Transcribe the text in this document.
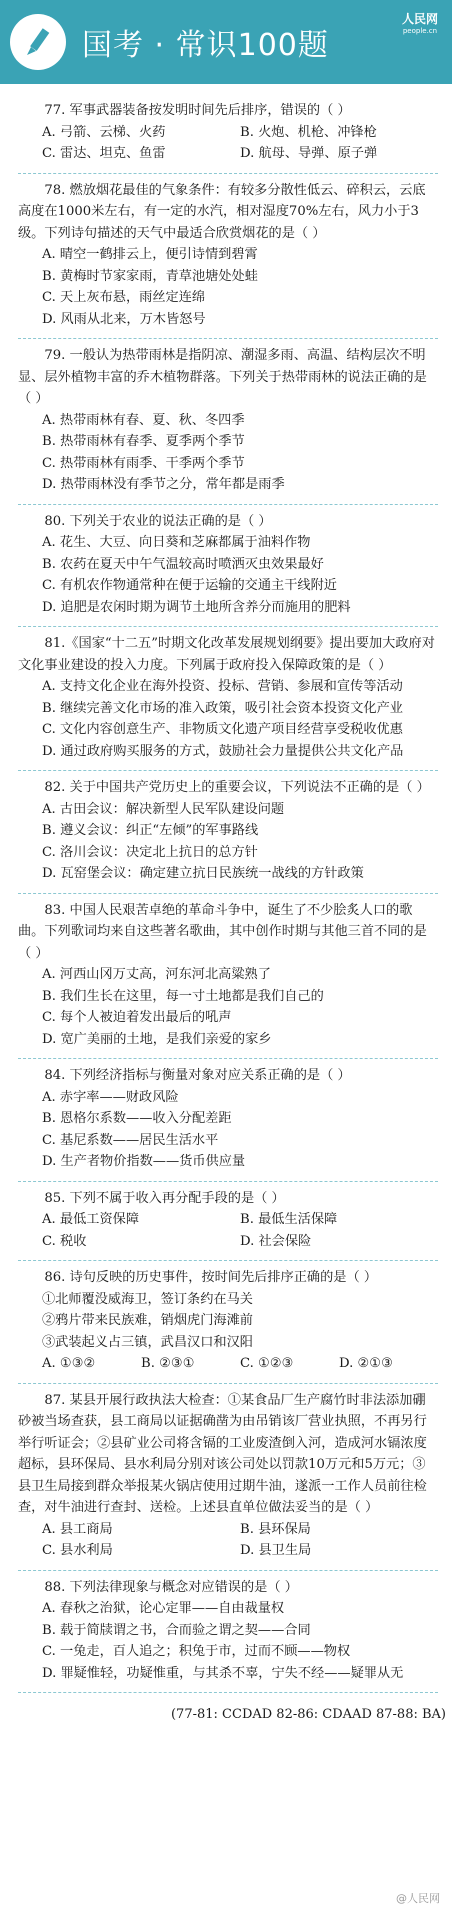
国考 · 常识100题
人民网
people.cn

77. 军事武器装备按发明时间先后排序，错误的（ ）

A. 弓箭、云梯、火药	B. 火炮、机枪、冲锋枪
C. 雷达、坦克、鱼雷	D. 航母、导弹、原子弹

78. 燃放烟花最佳的气象条件：有较多分散性低云、碎积云，云底高度在1000米左右，有一定的水汽，相对湿度70%左右，风力小于3级。下列诗句描述的天气中最适合欣赏烟花的是（ ）

A. 晴空一鹤排云上，便引诗情到碧霄

B. 黄梅时节家家雨，青草池塘处处蛙

C. 天上灰布悬，雨丝定连绵

D. 风雨从北来，万木皆怒号

79. 一般认为热带雨林是指阴凉、潮湿多雨、高温、结构层次不明显、层外植物丰富的乔木植物群落。下列关于热带雨林的说法正确的是（ ）

A. 热带雨林有春、夏、秋、冬四季

B. 热带雨林有春季、夏季两个季节

C. 热带雨林有雨季、干季两个季节

D. 热带雨林没有季节之分，常年都是雨季

80. 下列关于农业的说法正确的是（ ）

A. 花生、大豆、向日葵和芝麻都属于油料作物

B. 农药在夏天中午气温较高时喷洒灭虫效果最好

C. 有机农作物通常种在便于运输的交通主干线附近

D. 追肥是农闲时期为调节土地所含养分而施用的肥料

81.《国家“十二五”时期文化改革发展规划纲要》提出要加大政府对文化事业建设的投入力度。下列属于政府投入保障政策的是（ ）

A. 支持文化企业在海外投资、投标、营销、参展和宣传等活动

B. 继续完善文化市场的准入政策，吸引社会资本投资文化产业

C. 文化内容创意生产、非物质文化遗产项目经营享受税收优惠

D. 通过政府购买服务的方式，鼓励社会力量提供公共文化产品

82. 关于中国共产党历史上的重要会议，下列说法不正确的是（ ）

A. 古田会议：解决新型人民军队建设问题

B. 遵义会议：纠正“左倾”的军事路线

C. 洛川会议：决定北上抗日的总方针

D. 瓦窑堡会议：确定建立抗日民族统一战线的方针政策

83. 中国人民艰苦卓绝的革命斗争中，诞生了不少脍炙人口的歌曲。下列歌词均来自这些著名歌曲，其中创作时期与其他三首不同的是（ ）

A. 河西山冈万丈高，河东河北高粱熟了

B. 我们生长在这里，每一寸土地都是我们自己的

C. 每个人被迫着发出最后的吼声

D. 宽广美丽的土地，是我们亲爱的家乡

84. 下列经济指标与衡量对象对应关系正确的是（ ）

A. 赤字率——财政风险

B. 恩格尔系数——收入分配差距

C. 基尼系数——居民生活水平

D. 生产者物价指数——货币供应量

85. 下列不属于收入再分配手段的是（ ）

A. 最低工资保障	B. 最低生活保障
C. 税收	D. 社会保险

86. 诗句反映的历史事件，按时间先后排序正确的是（ ）

①北师覆没威海卫，签订条约在马关

②鸦片带来民族难，销烟虎门海滩前

③武装起义占三镇，武昌汉口和汉阳

A. ①③②	B. ②③①	C. ①②③	D. ②①③

87. 某县开展行政执法大检查：①某食品厂生产腐竹时非法添加硼砂被当场查获，县工商局以证据确凿为由吊销该厂营业执照，不再另行举行听证会；②县矿业公司将含镉的工业废渣倒入河，造成河水镉浓度超标，县环保局、县水利局分别对该公司处以罚款10万元和5万元；③县卫生局接到群众举报某火锅店使用过期牛油，遂派一工作人员前往检查，对牛油进行查封、送检。上述县直单位做法妥当的是（ ）

A. 县工商局	B. 县环保局
C. 县水利局	D. 县卫生局

88. 下列法律现象与概念对应错误的是（ ）

A. 春秋之治狱，论心定罪——自由裁量权

B. 载于简牍谓之书，合而验之谓之契——合同

C. 一兔走，百人追之；积兔于市，过而不顾——物权

D. 罪疑惟轻，功疑惟重，与其杀不辜，宁失不经——疑罪从无

(77-81: CCDAD 82-86: CDAAD 87-88: BA)
@人民网
